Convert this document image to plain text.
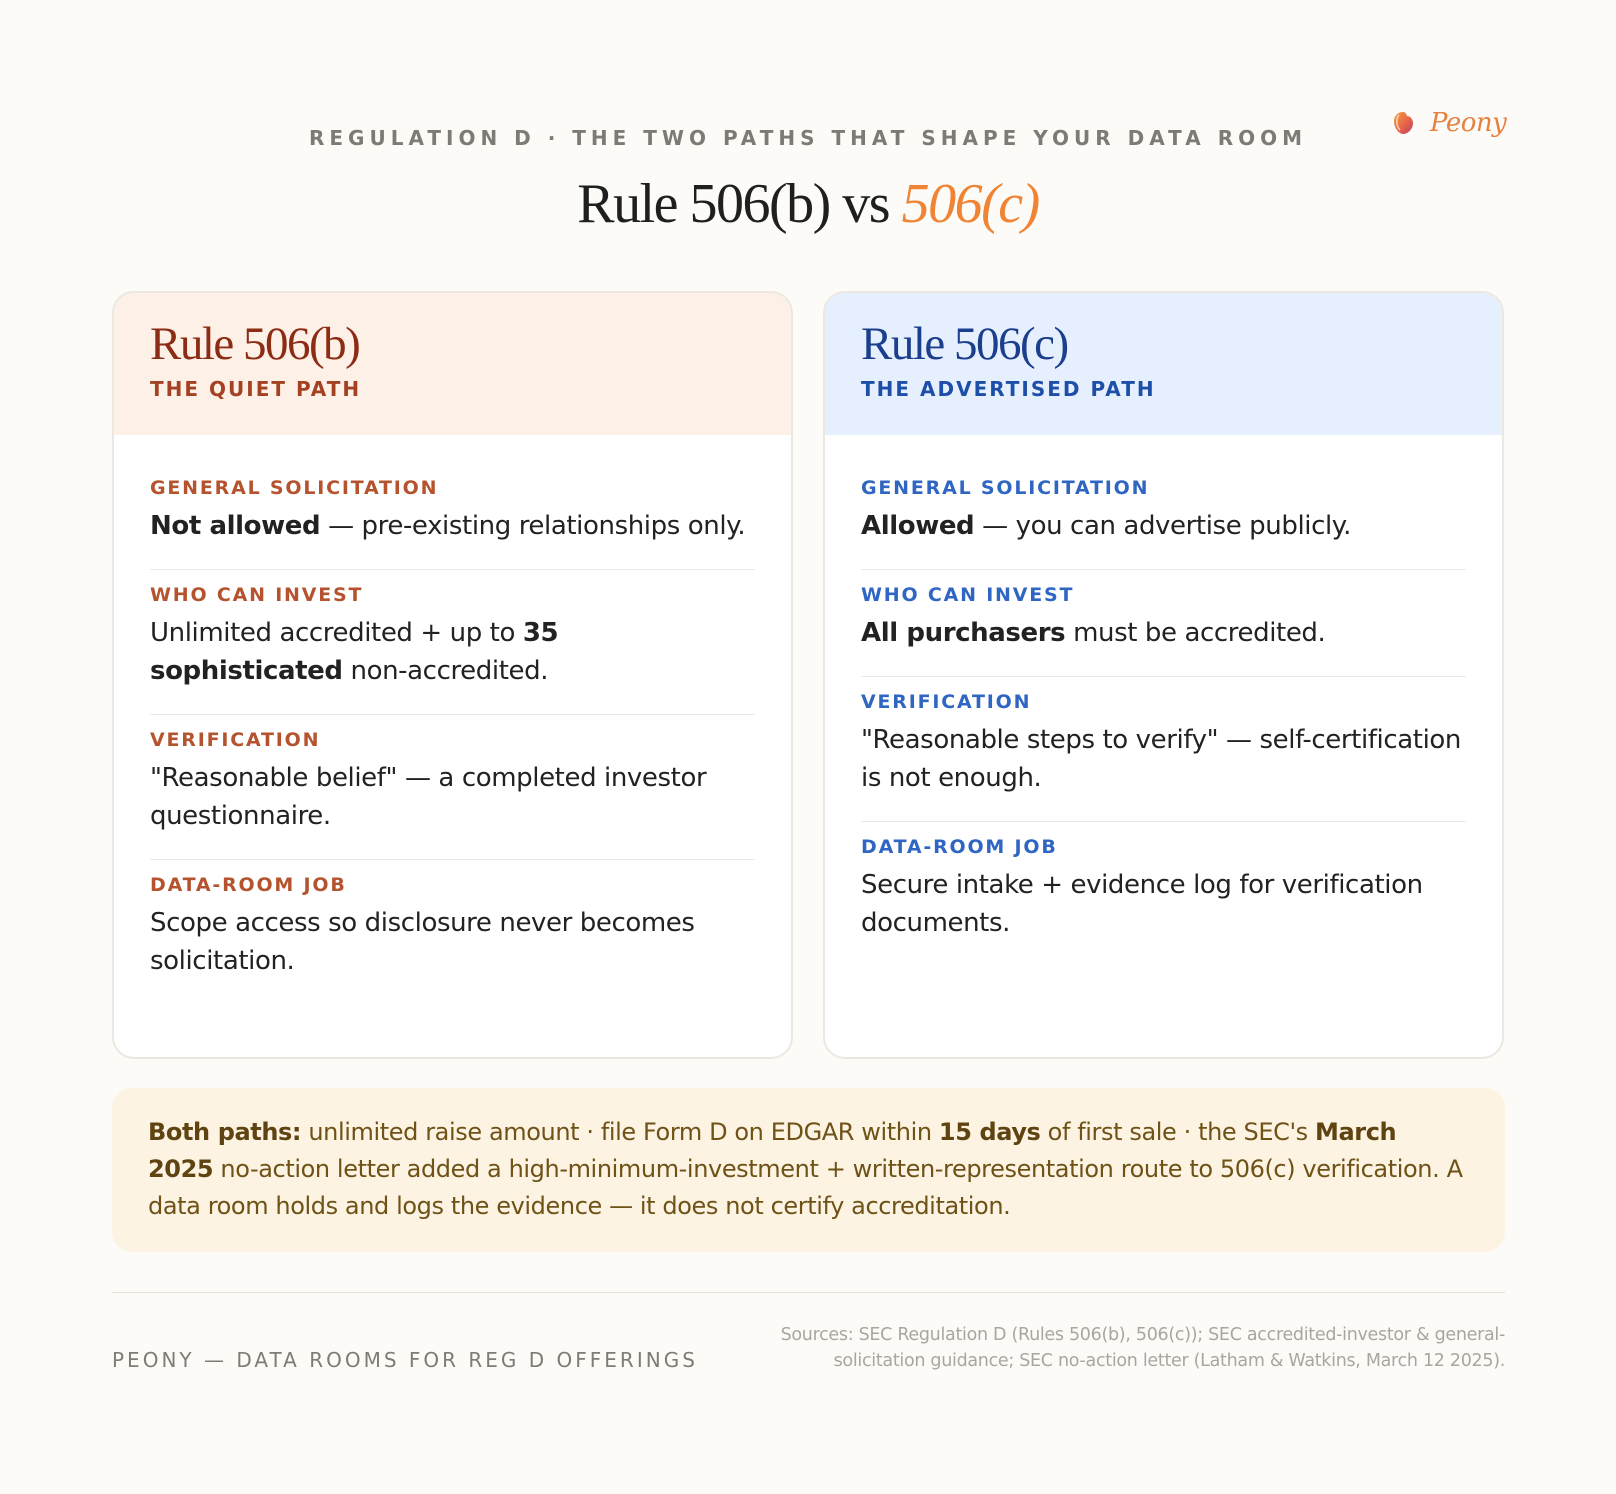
Peony
REGULATION D · THE TWO PATHS THAT SHAPE YOUR DATA ROOM
Rule 506(b) vs 506(c)
Rule 506(b)
THE QUIET PATH
GENERAL SOLICITATION
Not allowed — pre-existing relationships only.
WHO CAN INVEST
Unlimited accredited + up to 35 sophisticated non-accredited.
VERIFICATION
"Reasonable belief" — a completed investor questionnaire.
DATA-ROOM JOB
Scope access so disclosure never becomes solicitation.
Rule 506(c)
THE ADVERTISED PATH
GENERAL SOLICITATION
Allowed — you can advertise publicly.
WHO CAN INVEST
All purchasers must be accredited.
VERIFICATION
"Reasonable steps to verify" — self-certification is not enough.
DATA-ROOM JOB
Secure intake + evidence log for verification documents.
Both paths: unlimited raise amount · file Form D on EDGAR within 15 days of first sale · the SEC's March 2025 no-action letter added a high-minimum-investment + written-representation route to 506(c) verification. A data room holds and logs the evidence — it does not certify accreditation.
PEONY — DATA ROOMS FOR REG D OFFERINGS
Sources: SEC Regulation D (Rules 506(b), 506(c)); SEC accredited-investor & general-solicitation guidance; SEC no-action letter (Latham & Watkins, March 12 2025).
